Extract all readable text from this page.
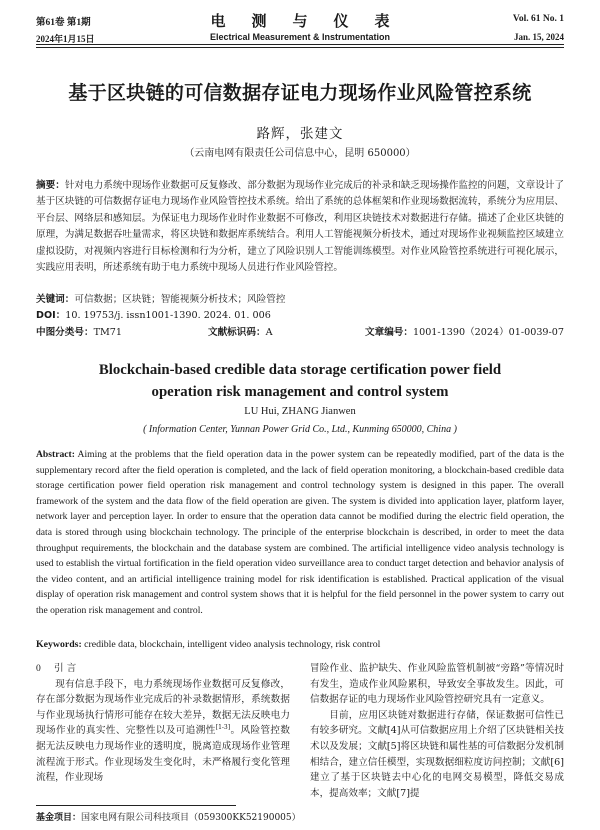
第61卷 第1期
2024年1月15日
电测与仪表
Electrical Measurement & Instrumentation
Vol. 61 No. 1
Jan. 15, 2024
基于区块链的可信数据存证电力现场作业风险管控系统
路辉，张建文
（云南电网有限责任公司信息中心，昆明 650000）
摘要：针对电力系统中现场作业数据可反复修改、部分数据为现场作业完成后的补录和缺乏现场操作监控的问题，文章设计了基于区块链的可信数据存证电力现场作业风险管控技术系统。给出了系统的总体框架和作业现场数据流转，系统分为应用层、平台层、网络层和感知层。为保证电力现场作业时作业数据不可修改，利用区块链技术对数据进行存储。描述了企业区块链的原理，为满足数据吞吐量需求，将区块链和数据库系统结合。利用人工智能视频分析技术，通过对现场作业视频监控区域建立虚拟设防，对视频内容进行目标检测和行为分析，建立了风险识别人工智能训练模型。对作业风险管控系统进行可视化展示，实践应用表明，所述系统有助于电力系统中现场人员进行作业风险管控。
关键词：可信数据；区块链；智能视频分析技术；风险管控
DOI：10. 19753/j. issn1001-1390. 2024. 01. 006
中图分类号：TM71	文献标识码：A	文章编号：1001-1390（2024）01-0039-07
Blockchain-based credible data storage certification power field
operation risk management and control system
LU Hui, ZHANG Jianwen
( Information Center, Yunnan Power Grid Co., Ltd., Kunming 650000, China )
Abstract: Aiming at the problems that the field operation data in the power system can be repeatedly modified, part of the data is the supplementary record after the field operation is completed, and the lack of field operation monitoring, a blockchain-based credible data storage certification power field operation risk management and control technology system is designed in this paper. The overall framework of the system and the data flow of the field operation are given. The system is divided into application layer, platform layer, network layer and perception layer. In order to ensure that the operation data cannot be modified during the electric field operation, the data is stored through using blockchain technology. The principle of the enterprise blockchain is described, in order to meet the data throughput requirements, the blockchain and the database system are combined. The artificial intelligence video analysis technology is used to establish the virtual fortification in the field operation video surveillance area to conduct target detection and behavior analysis of the video content, and an artificial intelligence training model for risk identification is established. Practical application of the visual display of operation risk management and control system shows that it is helpful for the field personnel in the power system to carry out the operation risk management and control.
Keywords: credible data, blockchain, intelligent video analysis technology, risk control
0 引 言

现有信息手段下，电力系统现场作业数据可反复修改，存在部分数据为现场作业完成后的补录数据情形，系统数据与作业现场执行情形可能存在较大差异，数据无法反映电力现场作业的真实性、完整性以及可追溯性[1-3]。风险管控数据无法反映电力现场作业的透明度，脱离造成现场作业管理流程流于形式。作业现场发生变化时，未严格履行变化管理流程，作业现场

冒险作业、监护缺失、作业风险监管机制被“旁路”等情况时有发生，造成作业风险累积，导致安全事故发生。因此，可信数据存证的电力现场作业风险管控研究具有一定意义。

目前，应用区块链对数据进行存储，保证数据可信性已有较多研究。文献[4]从可信数据应用上介绍了区块链相关技术以及发展；文献[5]将区块链和属性基的可信数据分发机制相结合，建立信任模型，实现数据细粒度访问控制；文献[6]建立了基于区块链去中心化的电网交易模型，降低交易成本，提高效率；文献[7]提

基金项目：国家电网有限公司科技项目（059300KK52190005）
